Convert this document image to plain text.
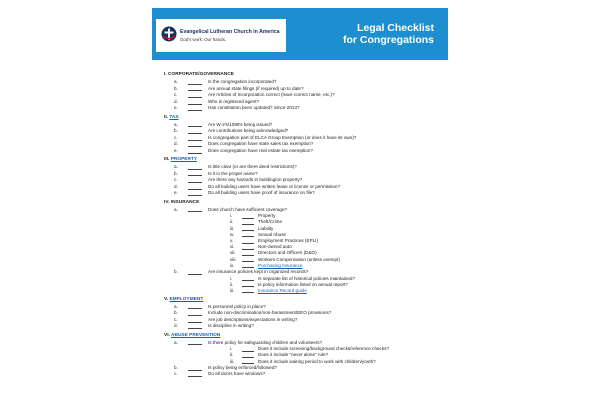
Evangelical Lutheran Church in America
God's work. Our hands.
Legal Checklist
for Congregations
I. CORPORATE/GOVERNANCE
a.	Is the congregation incorporated?
b.	Are annual state filings (if required) up to date?
c.	Are Articles of Incorporation correct (have correct name, etc.)?
d.	Who is registered agent?
e.	Has constitution been updated? Since 2013?
II. TAX
a.	Are W-2's/1099's being issued?
b.	Are contributions being acknowledged?
c.	Is congregation part of ELCA Group Exemption (or does it have its own)?
d.	Does congregation have state sales tax exemption?
e.	Does congregation have real estate tax exemption?
III. PROPERTY
a.	Is title clear (or are there deed restrictions)?
b.	Is it in the proper name?
c.	Are there any hazards in building/on property?
d.	Do all building users have written lease or license or permission?
e.	Do all building users have proof of insurance on file?
IV. INSURANCE
a.	Does church have sufficient coverage?
i.	Property
ii.	Theft/Crime
iii.	Liability
iv.	Sexual Abuse
v.	Employment Practices (EPLI)
vi.	Non-owned auto
vii.	Directors and Officers (D&O)
viii.	Workers Compensation (unless exempt)
ix.	Purchasing Insurance
b.	Are insurance policies kept in organized records?
i.	Is separate list of historical policies maintained?
ii.	Is policy information listed on annual report?
iii.	Insurance Record guide
V. EMPLOYMENT
a.	Is personnel policy in place?
b.	Include non-discrimination/non-harassment/EEO provisions?
c.	Are job descriptions/expectations in writing?
d.	Is discipline in writing?
VI. ABUSE PREVENTION
a.	Is there policy for safeguarding children and volunteers?
i.	Does it include screening/background checks/reference checks?
ii.	Does it include "never alone" rule?
iii.	Does it include waiting period to work with children/youth?
b.	Is policy being enforced/followed?
c.	Do all doors have windows?
